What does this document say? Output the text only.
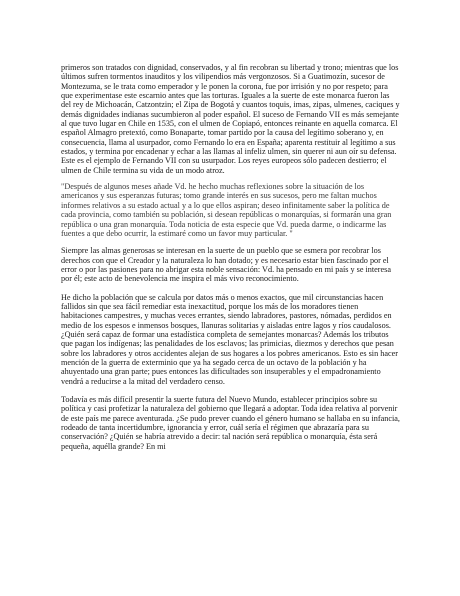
primeros son tratados con dignidad, conservados, y al fin recobran su libertad y trono; mientras que los últimos sufren tormentos inauditos y los vilipendios más vergonzosos. Si a Guatimozín, sucesor de Montezuma, se le trata como emperador y le ponen la corona, fue por irrisión y no por respeto; para que experimentase este escarnio antes que las torturas. Iguales a la suerte de este monarca fueron las del rey de Michoacán, Catzontzin; el Zipa de Bogotá y cuantos toquis, imas, zipas, ulmenes, caciques y demás dignidades indianas sucumbieron al poder español. El suceso de Fernando VII es más semejante al que tuvo lugar en Chile en 1535, con el ulmen de Copiapó, entonces reinante en aquella comarca. El español Almagro pretextó, como Bonaparte, tomar partido por la causa del legítimo soberano y, en consecuencia, llama al usurpador, como Fernando lo era en España; aparenta restituir al legítimo a sus estados, y termina por encadenar y echar a las llamas al infeliz ulmen, sin querer ni aun oír su defensa. Este es el ejemplo de Fernando VII con su usurpador. Los reyes europeos sólo padecen destierro; el ulmen de Chile termina su vida de un modo atroz.

"Después de algunos meses añade Vd. he hecho muchas reflexiones sobre la situación de los americanos y sus esperanzas futuras; tomo grande interés en sus sucesos, pero me faltan muchos informes relativos a su estado actual y a lo que ellos aspiran; deseo infinitamente saber la política de cada provincia, como también su población, si desean repúblicas o monarquías, si formarán una gran república o una gran monarquía. Toda noticia de esta especie que Vd. pueda darme, o indicarme las fuentes a que debo ocurrir, la estimaré como un favor muy particular. "

Siempre las almas generosas se interesan en la suerte de un pueblo que se esmera por recobrar los derechos con que el Creador y la naturaleza lo han dotado; y es necesario estar bien fascinado por el error o por las pasiones para no abrigar esta noble sensación: Vd. ha pensado en mi país y se interesa por él; este acto de benevolencia me inspira el más vivo reconocimiento.

He dicho la población que se calcula por datos más o menos exactos, que mil circunstancias hacen fallidos sin que sea fácil remediar esta inexactitud, porque los más de los moradores tienen habitaciones campestres, y muchas veces errantes, siendo labradores, pastores, nómadas, perdidos en medio de los espesos e inmensos bosques, llanuras solitarias y aisladas entre lagos y ríos caudalosos. ¿Quién será capaz de formar una estadística completa de semejantes monarcas? Además los tributos que pagan los indígenas; las penalidades de los esclavos; las primicias, diezmos y derechos que pesan sobre los labradores y otros accidentes alejan de sus hogares a los pobres americanos. Esto es sin hacer mención de la guerra de exterminio que ya ha segado cerca de un octavo de la población y ha ahuyentado una gran parte; pues entonces las dificultades son insuperables y el empadronamiento vendrá a reducirse a la mitad del verdadero censo.

Todavía es más difícil presentir la suerte futura del Nuevo Mundo, establecer principios sobre su política y casi profetizar la naturaleza del gobierno que llegará a adoptar. Toda idea relativa al porvenir de este país me parece aventurada. ¿Se pudo prever cuando el género humano se hallaba en su infancia, rodeado de tanta incertidumbre, ignorancia y error, cuál sería el régimen que abrazaría para su conservación? ¿Quién se habría atrevido a decir: tal nación será república o monarquía, ésta será pequeña, aquélla grande? En mi
